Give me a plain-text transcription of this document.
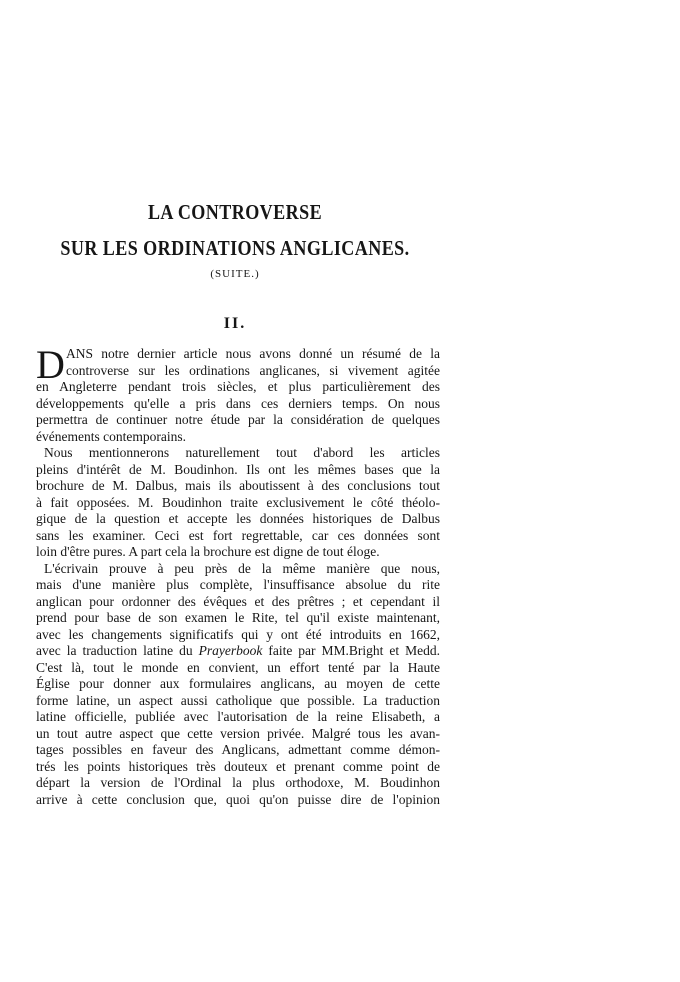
LA CONTROVERSE
SUR LES ORDINATIONS ANGLICANES.
(SUITE.)
II.
D ANS notre dernier article nous avons donné un résumé de la
controverse sur les ordinations anglicanes, si vivement agitée
en Angleterre pendant trois siècles, et plus particulièrement des
développements qu'elle a pris dans ces derniers temps. On nous
permettra de continuer notre étude par la considération de quelques
événements contemporains.
Nous mentionnerons naturellement tout d'abord les articles
pleins d'intérêt de M. Boudinhon. Ils ont les mêmes bases que la
brochure de M. Dalbus, mais ils aboutissent à des conclusions tout
à fait opposées. M. Boudinhon traite exclusivement le côté théolo-
gique de la question et accepte les données historiques de Dalbus
sans les examiner. Ceci est fort regrettable, car ces données sont
loin d'être pures. A part cela la brochure est digne de tout éloge.
L'écrivain prouve à peu près de la même manière que nous,
mais d'une manière plus complète, l'insuffisance absolue du rite
anglican pour ordonner des évêques et des prêtres ; et cependant il
prend pour base de son examen le Rite, tel qu'il existe maintenant,
avec les changements significatifs qui y ont été introduits en 1662,
avec la traduction latine du Prayerbook faite par MM.Bright et Medd.
C'est là, tout le monde en convient, un effort tenté par la Haute
Église pour donner aux formulaires anglicans, au moyen de cette
forme latine, un aspect aussi catholique que possible. La traduction
latine officielle, publiée avec l'autorisation de la reine Elisabeth, a
un tout autre aspect que cette version privée. Malgré tous les avan-
tages possibles en faveur des Anglicans, admettant comme démon-
trés les points historiques très douteux et prenant comme point de
départ la version de l'Ordinal la plus orthodoxe, M. Boudinhon
arrive à cette conclusion que, quoi qu'on puisse dire de l'opinion
